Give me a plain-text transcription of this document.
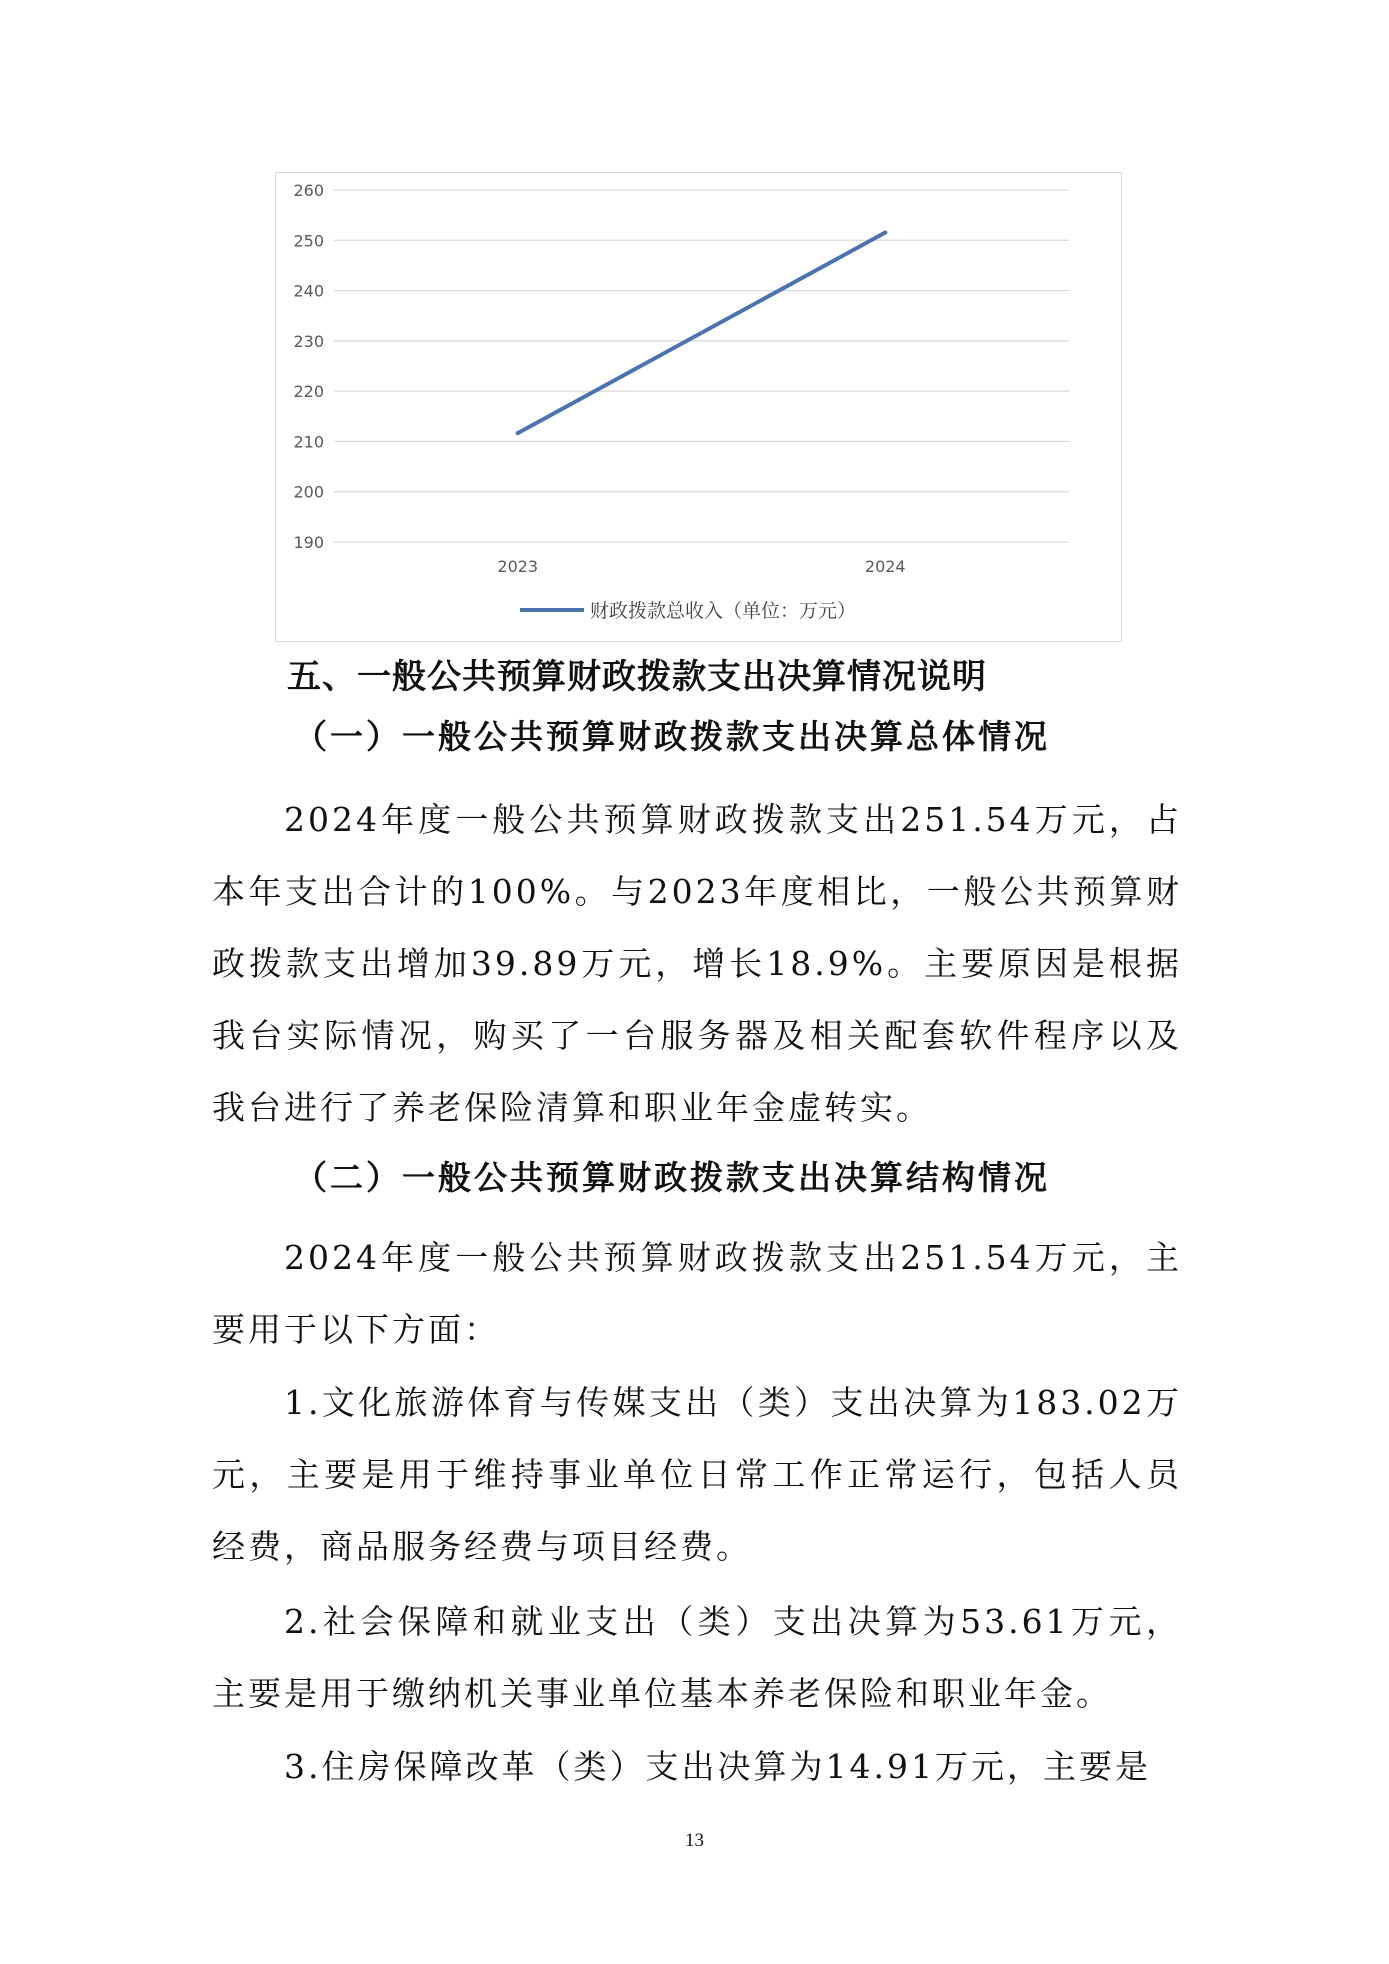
190
200
210
220
230
240
250
260
2023	2024
财政拨款总收入（单位：万元）
五、一般公共预算财政拨款支出决算情况说明
（一）一般公共预算财政拨款支出决算总体情况

2024年度一般公共预算财政拨款支出251.54万元，占本年支出合计的100%。与2023年度相比，一般公共预算财政拨款支出增加39.89万元，增长18.9%。主要原因是根据我台实际情况，购买了一台服务器及相关配套软件程序以及我台进行了养老保险清算和职业年金虚转实。

（二）一般公共预算财政拨款支出决算结构情况

2024年度一般公共预算财政拨款支出251.54万元，主要用于以下方面：

1.文化旅游体育与传媒支出（类）支出决算为183.02万元，主要是用于维持事业单位日常工作正常运行，包括人员经费，商品服务经费与项目经费。

2.社会保障和就业支出（类）支出决算为53.61万元，主要是用于缴纳机关事业单位基本养老保险和职业年金。

3.住房保障改革（类）支出决算为14.91万元，主要是

13
